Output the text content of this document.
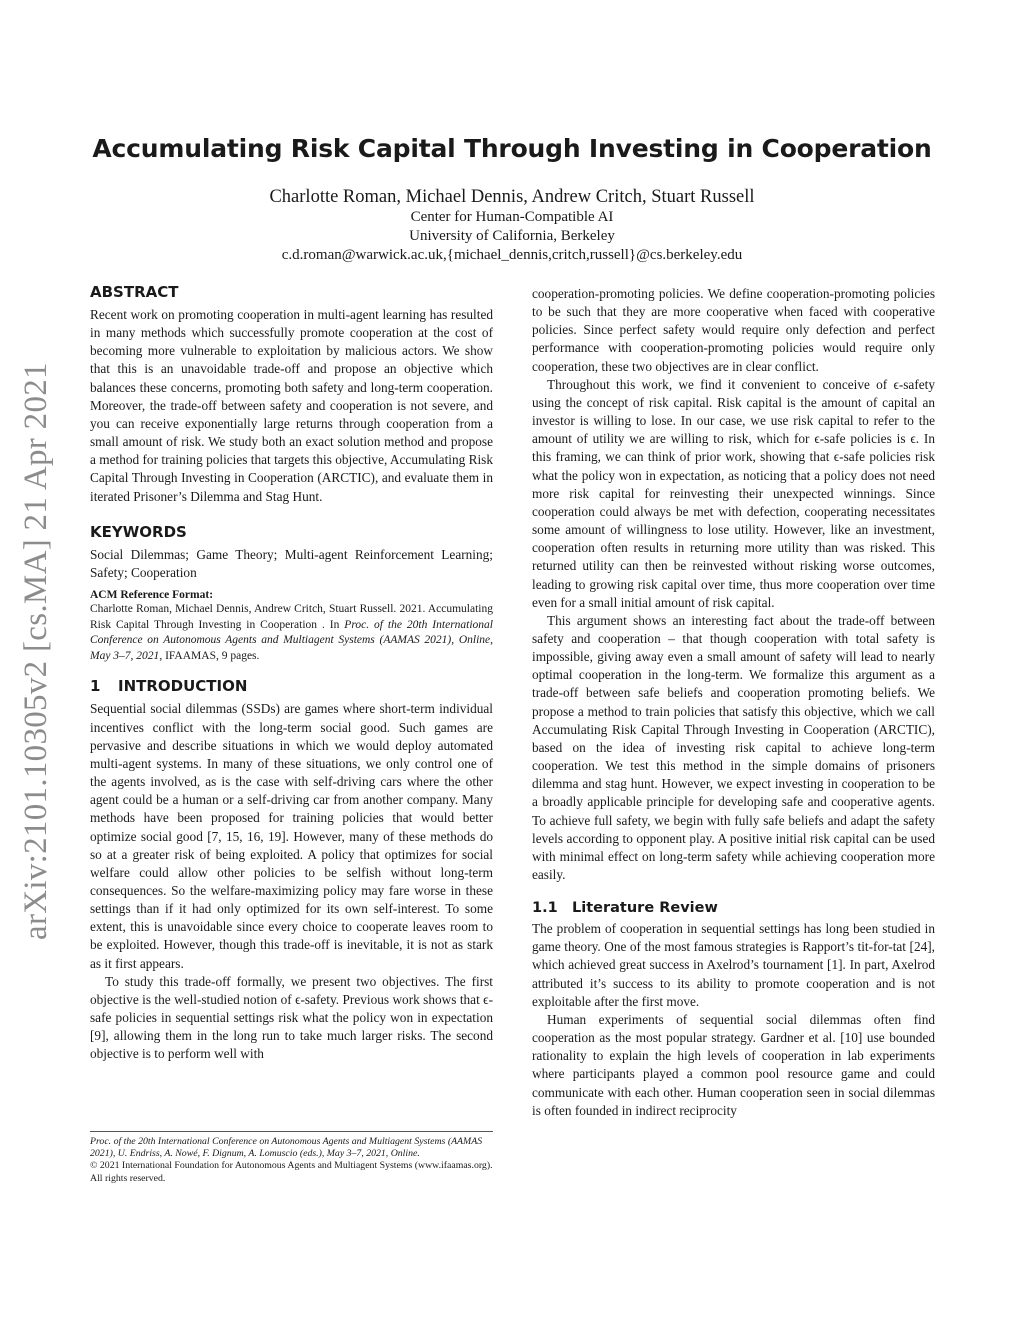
arXiv:2101.10305v2 [cs.MA] 21 Apr 2021
Accumulating Risk Capital Through Investing in Cooperation
Charlotte Roman, Michael Dennis, Andrew Critch, Stuart Russell
Center for Human-Compatible AI
University of California, Berkeley
c.d.roman@warwick.ac.uk,{michael_dennis,critch,russell}@cs.berkeley.edu
ABSTRACT

Recent work on promoting cooperation in multi-agent learning has resulted in many methods which successfully promote cooperation at the cost of becoming more vulnerable to exploitation by malicious actors. We show that this is an unavoidable trade-off and propose an objective which balances these concerns, promoting both safety and long-term cooperation. Moreover, the trade-off between safety and cooperation is not severe, and you can receive exponentially large returns through cooperation from a small amount of risk. We study both an exact solution method and propose a method for training policies that targets this objective, Accumulating Risk Capital Through Investing in Cooperation (ARCTIC), and evaluate them in iterated Prisoner’s Dilemma and Stag Hunt.

KEYWORDS

Social Dilemmas; Game Theory; Multi-agent Reinforcement Learning; Safety; Cooperation

ACM Reference Format:
Charlotte Roman, Michael Dennis, Andrew Critch, Stuart Russell. 2021. Accumulating Risk Capital Through Investing in Cooperation . In Proc. of the 20th International Conference on Autonomous Agents and Multiagent Systems (AAMAS 2021), Online, May 3–7, 2021, IFAAMAS, 9 pages.
1 INTRODUCTION

Sequential social dilemmas (SSDs) are games where short-term individual incentives conflict with the long-term social good. Such games are pervasive and describe situations in which we would deploy automated multi-agent systems. In many of these situations, we only control one of the agents involved, as is the case with self-driving cars where the other agent could be a human or a self-driving car from another company. Many methods have been proposed for training policies that would better optimize social good [7, 15, 16, 19]. However, many of these methods do so at a greater risk of being exploited. A policy that optimizes for social welfare could allow other policies to be selfish without long-term consequences. So the welfare-maximizing policy may fare worse in these settings than if it had only optimized for its own self-interest. To some extent, this is unavoidable since every choice to cooperate leaves room to be exploited. However, though this trade-off is inevitable, it is not as stark as it first appears.

To study this trade-off formally, we present two objectives. The first objective is the well-studied notion of ϵ-safety. Previous work shows that ϵ-safe policies in sequential settings risk what the policy won in expectation [9], allowing them in the long run to take much larger risks. The second objective is to perform well with

Proc. of the 20th International Conference on Autonomous Agents and Multiagent Systems (AAMAS 2021), U. Endriss, A. Nowé, F. Dignum, A. Lomuscio (eds.), May 3–7, 2021, Online.
© 2021 International Foundation for Autonomous Agents and Multiagent Systems (www.ifaamas.org). All rights reserved.

cooperation-promoting policies. We define cooperation-promoting policies to be such that they are more cooperative when faced with cooperative policies. Since perfect safety would require only defection and perfect performance with cooperation-promoting policies would require only cooperation, these two objectives are in clear conflict.

Throughout this work, we find it convenient to conceive of ϵ-safety using the concept of risk capital. Risk capital is the amount of capital an investor is willing to lose. In our case, we use risk capital to refer to the amount of utility we are willing to risk, which for ϵ-safe policies is ϵ. In this framing, we can think of prior work, showing that ϵ-safe policies risk what the policy won in expectation, as noticing that a policy does not need more risk capital for reinvesting their unexpected winnings. Since cooperation could always be met with defection, cooperating necessitates some amount of willingness to lose utility. However, like an investment, cooperation often results in returning more utility than was risked. This returned utility can then be reinvested without risking worse outcomes, leading to growing risk capital over time, thus more cooperation over time even for a small initial amount of risk capital.

This argument shows an interesting fact about the trade-off between safety and cooperation – that though cooperation with total safety is impossible, giving away even a small amount of safety will lead to nearly optimal cooperation in the long-term. We formalize this argument as a trade-off between safe beliefs and cooperation promoting beliefs. We propose a method to train policies that satisfy this objective, which we call Accumulating Risk Capital Through Investing in Cooperation (ARCTIC), based on the idea of investing risk capital to achieve long-term cooperation. We test this method in the simple domains of prisoners dilemma and stag hunt. However, we expect investing in cooperation to be a broadly applicable principle for developing safe and cooperative agents. To achieve full safety, we begin with fully safe beliefs and adapt the safety levels according to opponent play. A positive initial risk capital can be used with minimal effect on long-term safety while achieving cooperation more easily.

1.1 Literature Review

The problem of cooperation in sequential settings has long been studied in game theory. One of the most famous strategies is Rapport’s tit-for-tat [24], which achieved great success in Axelrod’s tournament [1]. In part, Axelrod attributed it’s success to its ability to promote cooperation and is not exploitable after the first move.

Human experiments of sequential social dilemmas often find cooperation as the most popular strategy. Gardner et al. [10] use bounded rationality to explain the high levels of cooperation in lab experiments where participants played a common pool resource game and could communicate with each other. Human cooperation seen in social dilemmas is often founded in indirect reciprocity
